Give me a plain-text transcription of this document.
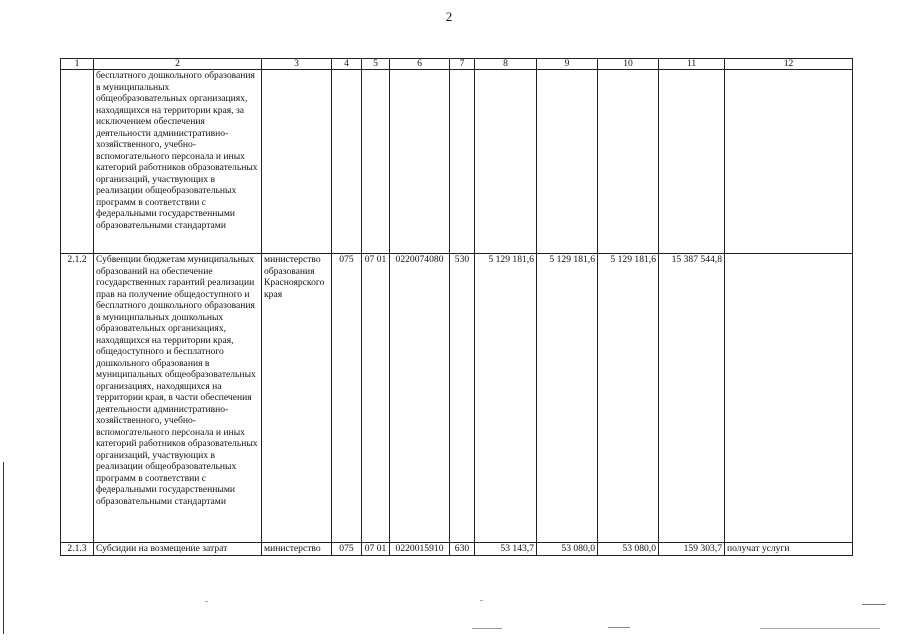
2
1	2	3	4	5	6	7	8	9	10	11	12
	бесплатного дошкольного образования в муниципальных общеобразовательных организациях, находящихся на территории края, за исключением обеспечения деятельности административно-хозяйственного, учебно-вспомогательного персонала и иных категорий работников образовательных организаций, участвующих в реализации общеобразовательных программ в соответствии с федеральными государственными образовательными стандартами										
2.1.2	Субвенции бюджетам муниципальных образований на обеспечение государственных гарантий реализации прав на получение общедоступного и бесплатного дошкольного образования в муниципальных дошкольных образовательных организациях, находящихся на территории края, общедоступного и бесплатного дошкольного образования в муниципальных общеобразовательных организациях, находящихся на территории края, в части обеспечения деятельности административно-хозяйственного, учебно-вспомогательного персонала и иных категорий работников образовательных организаций, участвующих в реализации общеобразовательных программ в соответствии с федеральными государственными образовательными стандартами	министерство образования Красноярского края	075	07 01	0220074080	530	5 129 181,6	5 129 181,6	5 129 181,6	15 387 544,8	
2.1.3	Субсидии на возмещение затрат	министерство	075	07 01	0220015910	630	53 143,7	53 080,0	53 080,0	159 303,7	получат услуги
